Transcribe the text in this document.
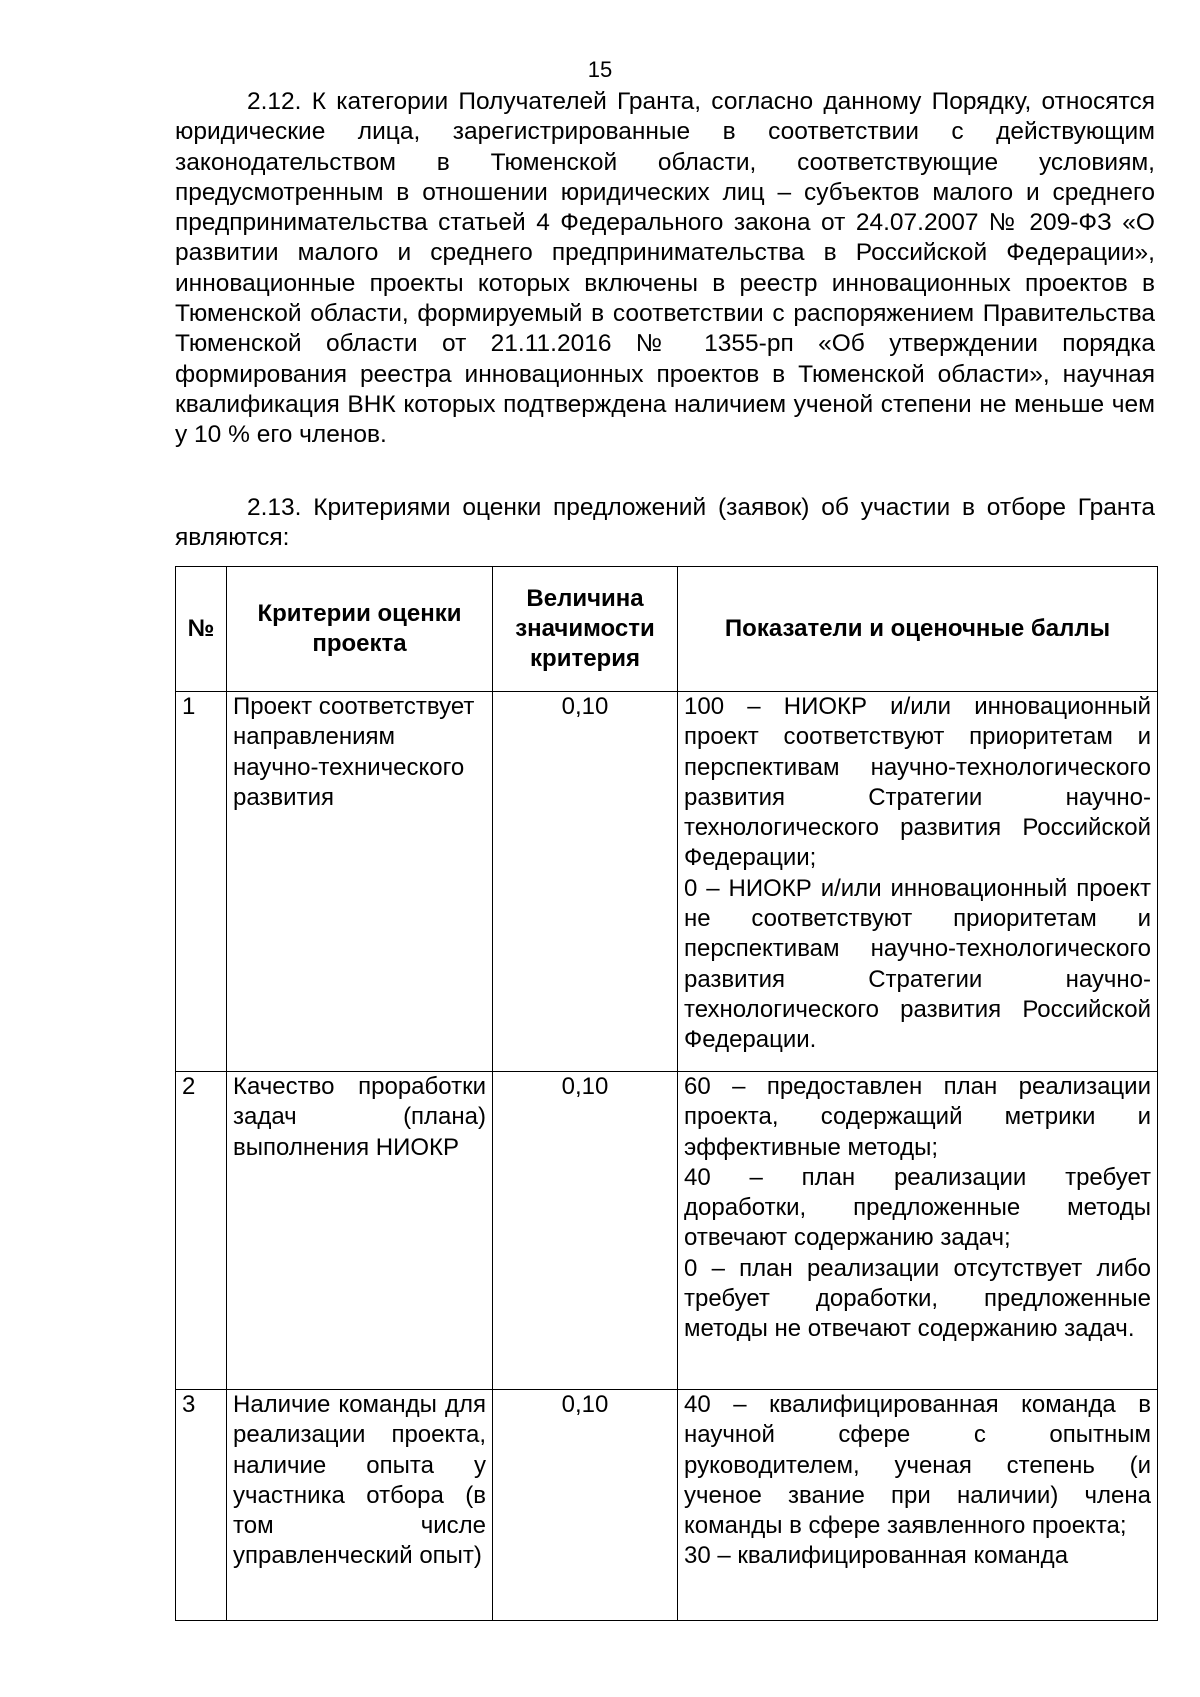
15

2.12. К категории Получателей Гранта, согласно данному Порядку, относятся юридические лица, зарегистрированные в соответствии с действующим законодательством в Тюменской области, соответствующие условиям, предусмотренным в отношении юридических лиц – субъектов малого и среднего предпринимательства статьей 4 Федерального закона от 24.07.2007 № 209-ФЗ «О развитии малого и среднего предпринимательства в Российской Федерации», инновационные проекты которых включены в реестр инновационных проектов в Тюменской области, формируемый в соответствии с распоряжением Правительства Тюменской области от 21.11.2016 № 1355-рп «Об утверждении порядка формирования реестра инновационных проектов в Тюменской области», научная квалификация ВНК которых подтверждена наличием ученой степени не меньше чем у 10 % его членов.

2.13. Критериями оценки предложений (заявок) об участии в отборе Гранта являются:

№	Критерии оценки проекта	Величина значимости критерия	Показатели и оценочные баллы
1	Проект соответствует направлениям научно-технического развития	0,10	100 – НИОКР и/или инновационный проект соответствуют приоритетам и перспективам научно-технологического развития Стратегии научно-технологического развития Российской Федерации;
0 – НИОКР и/или инновационный проект не соответствуют приоритетам и перспективам научно-технологического развития Стратегии научно-технологического развития Российской Федерации.

2	Качество проработки задач (плана) выполнения НИОКР	0,10	60 – предоставлен план реализации проекта, содержащий метрики и эффективные методы;
40 – план реализации требует доработки, предложенные методы отвечают содержанию задач;
0 – план реализации отсутствует либо требует доработки, предложенные методы не отвечают содержанию задач.

3	Наличие команды для реализации проекта, наличие опыта у участника отбора (в том числе управленческий опыт)	0,10	40 – квалифицированная команда в научной сфере с опытным руководителем, ученая степень (и ученое звание при наличии) члена команды в сфере заявленного проекта;
30 – квалифицированная команда
